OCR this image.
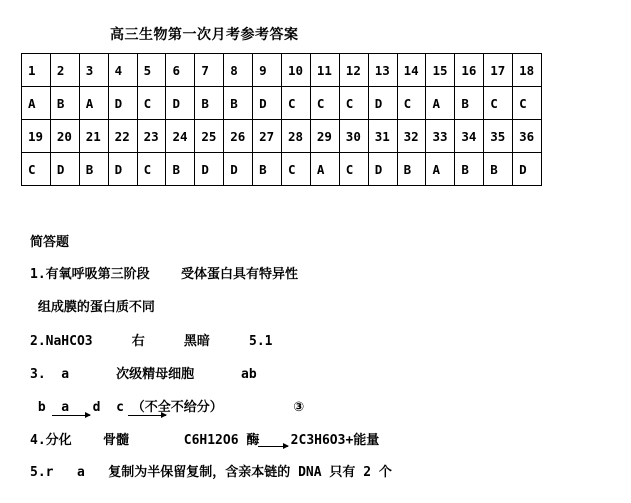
高三生物第一次月考参考答案
1	2	3	4	5	6	7	8	9	10	11	12	13	14	15	16	17	18
A	B	A	D	C	D	B	B	D	C	C	C	D	C	A	B	C	C
19	20	21	22	23	24	25	26	27	28	29	30	31	32	33	34	35	36
C	D	B	D	C	B	D	D	B	C	A	C	D	B	A	B	B	D
简答题
1.有氧呼吸第三阶段    受体蛋白具有特异性
组成膜的蛋白质不同
2.NaHCO3     右     黑暗     5.1
3.  a      次级精母细胞      ab
b  a   d  c （不全不给分）         ③
4.分化    骨髓       C6H12O6 酶    2C3H6O3+能量
5.r   a   复制为半保留复制，含亲本链的 DNA 只有 2 个
